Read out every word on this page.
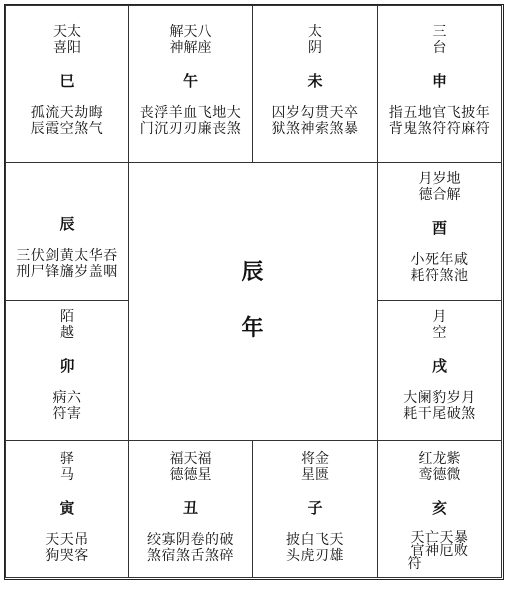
天太
喜阳
巳
孤流天劫晦
辰霞空煞气
解天八
神解座
午
丧浮羊血飞地大
门沉刃刃廉丧煞
太
阴
未
囚岁勾贯天卒
狱煞神索煞暴
三
台
申
指五地官飞披年
背鬼煞符符麻符
辰
三伏剑黄太华吞
刑尸锋旛岁盖咽
月岁地
德合解
酉
小死年咸
耗符煞池
陌
越
卯
病六
符害
月
空
戌
大阑豹岁月
耗干尾破煞
辰
年
驿
马
寅
天天吊
狗哭客
福天福
德德星
丑
绞寡阴卷的破
煞宿煞舌煞碎
将金
星匮
子
披白飞天
头虎刃雄
红龙紫
鸾德微
亥
天亡天暴
官神厄败
符
